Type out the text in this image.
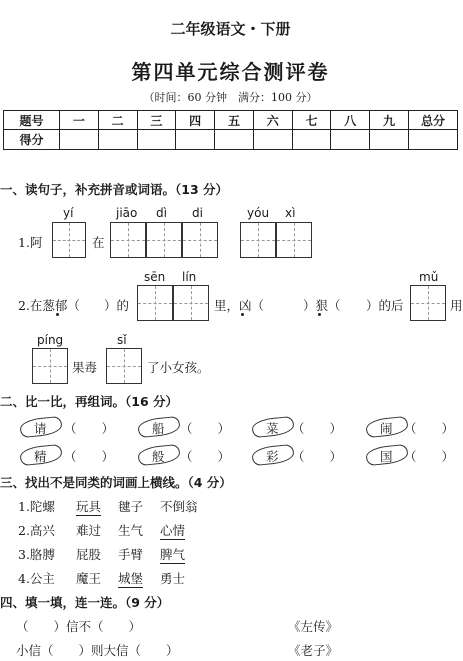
二年级语文・下册
第四单元综合测评卷
（时间：60 分钟　满分：100 分）
题号	一	二	三	四	五	六	七	八	九	总分
得分										
一、读句子，补充拼音或词语。（13 分）
yí	jiāo dì di	yóu xì
1.阿	在
sēn lín	mǔ
2.在葱郁（ ）的	里，凶（	）狠（ ）的后	用
píng	sǐ
果毒	了小女孩。
二、比一比，再组词。（16 分）
请 （　　）	船 （　　）	菜 （　　）	闹 （　　）
精 （　　）	般 （　　）	彩 （　　）	国 （　　）
三、找出不是同类的词画上横线。（4 分）
1.陀螺 玩具 毽子 不倒翁
2.高兴 难过 生气 心情
3.胳膊 屁股 手臂 脾气
4.公主 魔王 城堡 勇士
四、填一填，连一连。（9 分）
（　　）信不（　　）
小信（　　）则大信（　　）
《左传》
《老子》
